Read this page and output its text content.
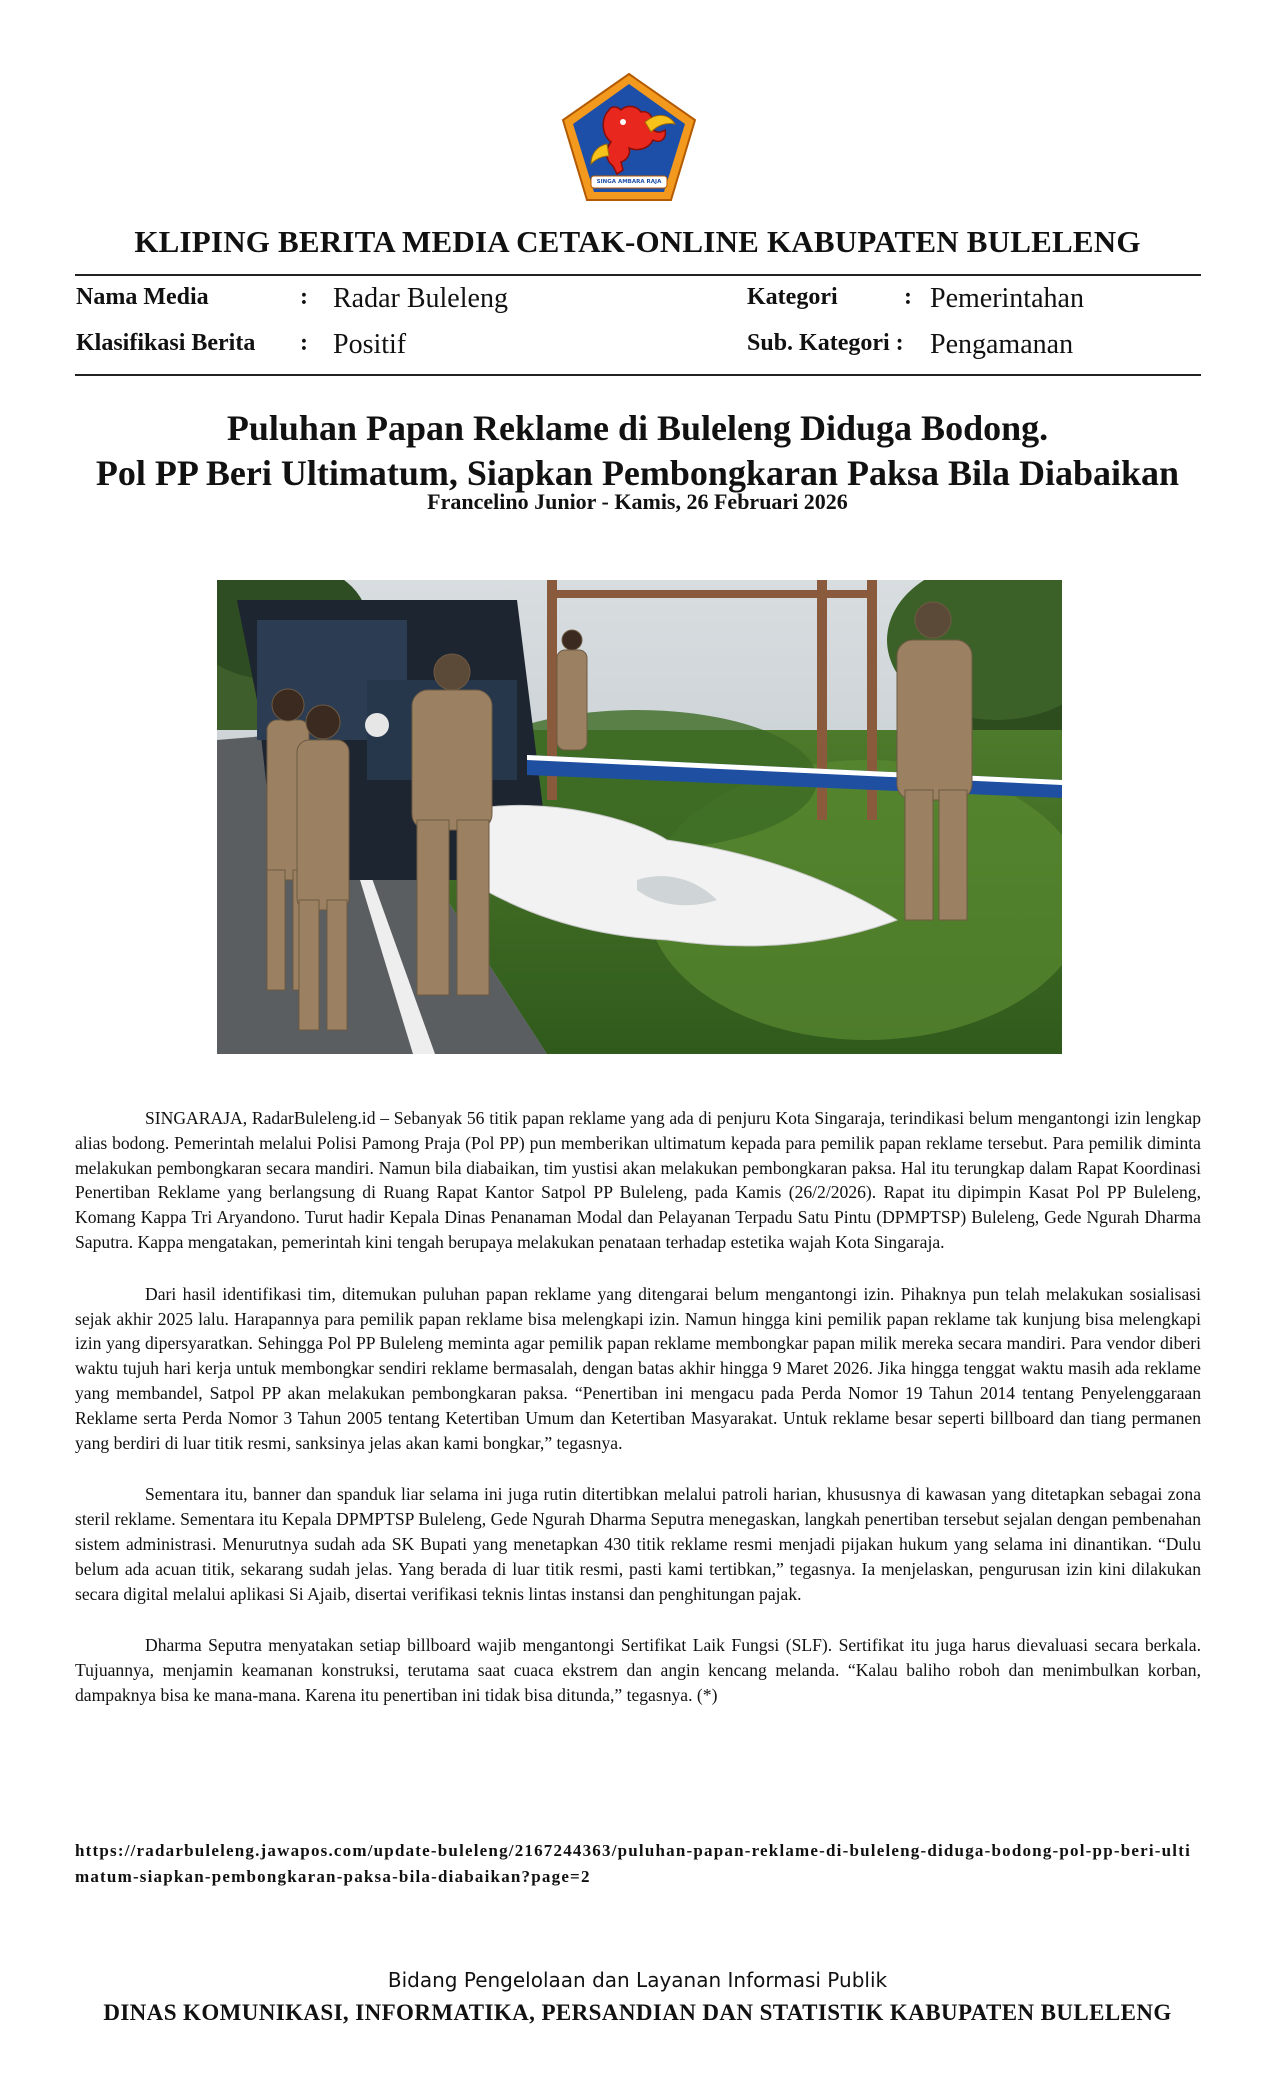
SINGA AMBARA RAJA
KLIPING BERITA MEDIA CETAK-ONLINE KABUPATEN BULELENG
Nama Media	: Radar Buleleng	Kategori	: Pemerintahan
Klasifikasi Berita : Positif	Sub. Kategori : Pengamanan
Puluhan Papan Reklame di Buleleng Diduga Bodong.
Pol PP Beri Ultimatum, Siapkan Pembongkaran Paksa Bila Diabaikan
Francelino Junior - Kamis, 26 Februari 2026

SINGARAJA, RadarBuleleng.id – Sebanyak 56 titik papan reklame yang ada di penjuru Kota Singaraja, terindikasi belum mengantongi izin lengkap alias bodong. Pemerintah melalui Polisi Pamong Praja (Pol PP) pun memberikan ultimatum kepada para pemilik papan reklame tersebut. Para pemilik diminta melakukan pembongkaran secara mandiri. Namun bila diabaikan, tim yustisi akan melakukan pembongkaran paksa. Hal itu terungkap dalam Rapat Koordinasi Penertiban Reklame yang berlangsung di Ruang Rapat Kantor Satpol PP Buleleng, pada Kamis (26/2/2026). Rapat itu dipimpin Kasat Pol PP Buleleng, Komang Kappa Tri Aryandono. Turut hadir Kepala Dinas Penanaman Modal dan Pelayanan Terpadu Satu Pintu (DPMPTSP) Buleleng, Gede Ngurah Dharma Saputra. Kappa mengatakan, pemerintah kini tengah berupaya melakukan penataan terhadap estetika wajah Kota Singaraja.

Dari hasil identifikasi tim, ditemukan puluhan papan reklame yang ditengarai belum mengantongi izin. Pihaknya pun telah melakukan sosialisasi sejak akhir 2025 lalu. Harapannya para pemilik papan reklame bisa melengkapi izin. Namun hingga kini pemilik papan reklame tak kunjung bisa melengkapi izin yang dipersyaratkan. Sehingga Pol PP Buleleng meminta agar pemilik papan reklame membongkar papan milik mereka secara mandiri. Para vendor diberi waktu tujuh hari kerja untuk membongkar sendiri reklame bermasalah, dengan batas akhir hingga 9 Maret 2026. Jika hingga tenggat waktu masih ada reklame yang membandel, Satpol PP akan melakukan pembongkaran paksa. “Penertiban ini mengacu pada Perda Nomor 19 Tahun 2014 tentang Penyelenggaraan Reklame serta Perda Nomor 3 Tahun 2005 tentang Ketertiban Umum dan Ketertiban Masyarakat. Untuk reklame besar seperti billboard dan tiang permanen yang berdiri di luar titik resmi, sanksinya jelas akan kami bongkar,” tegasnya.

Sementara itu, banner dan spanduk liar selama ini juga rutin ditertibkan melalui patroli harian, khususnya di kawasan yang ditetapkan sebagai zona steril reklame. Sementara itu Kepala DPMPTSP Buleleng, Gede Ngurah Dharma Seputra menegaskan, langkah penertiban tersebut sejalan dengan pembenahan sistem administrasi. Menurutnya sudah ada SK Bupati yang menetapkan 430 titik reklame resmi menjadi pijakan hukum yang selama ini dinantikan. “Dulu belum ada acuan titik, sekarang sudah jelas. Yang berada di luar titik resmi, pasti kami tertibkan,” tegasnya. Ia menjelaskan, pengurusan izin kini dilakukan secara digital melalui aplikasi Si Ajaib, disertai verifikasi teknis lintas instansi dan penghitungan pajak.

Dharma Seputra menyatakan setiap billboard wajib mengantongi Sertifikat Laik Fungsi (SLF). Sertifikat itu juga harus dievaluasi secara berkala. Tujuannya, menjamin keamanan konstruksi, terutama saat cuaca ekstrem dan angin kencang melanda. “Kalau baliho roboh dan menimbulkan korban, dampaknya bisa ke mana-mana. Karena itu penertiban ini tidak bisa ditunda,” tegasnya. (*)

https://radarbuleleng.jawapos.com/update-buleleng/2167244363/puluhan-papan-reklame-di-buleleng-diduga-bodong-pol-pp-beri-ultimatum-siapkan-pembongkaran-paksa-bila-diabaikan?page=2
Bidang Pengelolaan dan Layanan Informasi Publik
DINAS KOMUNIKASI, INFORMATIKA, PERSANDIAN DAN STATISTIK KABUPATEN BULELENG
